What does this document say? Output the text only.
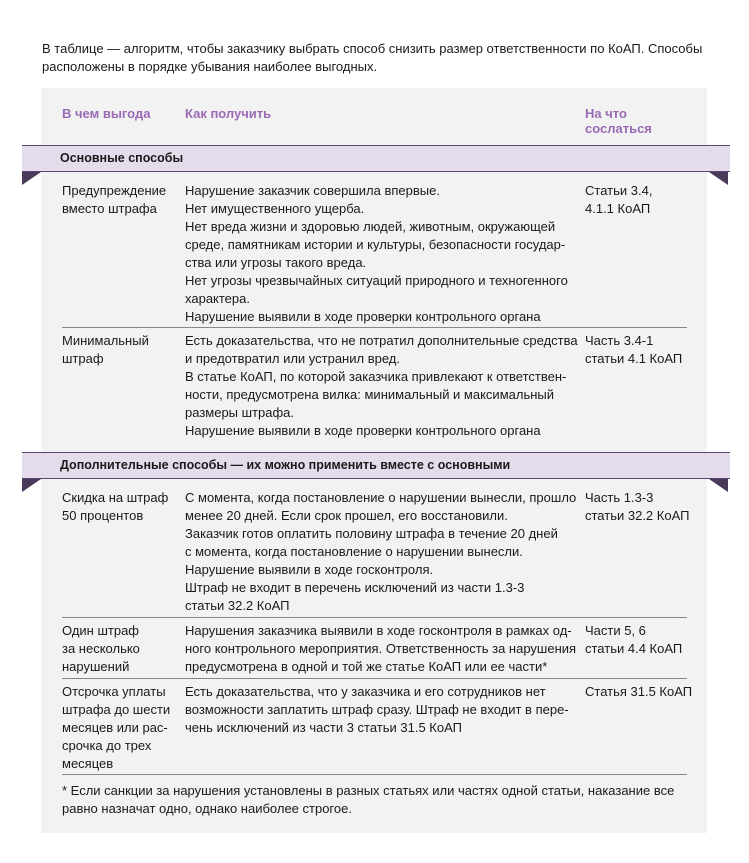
В таблице — алгоритм, чтобы заказчику выбрать способ снизить размер ответственности по КоАП. Способы расположены в порядке убывания наиболее выгодных.
В чем выгода	Как получить	На что
сослаться
Основные способы
Предупреждение
вместо штрафа
Нарушение заказчик совершила впервые.
Нет имущественного ущерба.
Нет вреда жизни и здоровью людей, животным, окружающей
среде, памятникам истории и культуры, безопасности государ-
ства или угрозы такого вреда.
Нет угрозы чрезвычайных ситуаций природного и техногенного
характера.
Нарушение выявили в ходе проверки контрольного органа
Статьи 3.4,
4.1.1 КоАП
Минимальный
штраф
Есть доказательства, что не потратил дополнительные средства
и предотвратил или устранил вред.
В статье КоАП, по которой заказчика привлекают к ответствен-
ности, предусмотрена вилка: минимальный и максимальный
размеры штрафа.
Нарушение выявили в ходе проверки контрольного органа
Часть 3.4-1
статьи 4.1 КоАП
Дополнительные способы — их можно применить вместе с основными
Скидка на штраф
50 процентов
С момента, когда постановление о нарушении вынесли, прошло
менее 20 дней. Если срок прошел, его восстановили.
Заказчик готов оплатить половину штрафа в течение 20 дней
с момента, когда постановление о нарушении вынесли.
Нарушение выявили в ходе госконтроля.
Штраф не входит в перечень исключений из части 1.3-3
статьи 32.2 КоАП
Часть 1.3-3
статьи 32.2 КоАП
Один штраф
за несколько
нарушений
Нарушения заказчика выявили в ходе госконтроля в рамках од-
ного контрольного мероприятия. Ответственность за нарушения
предусмотрена в одной и той же статье КоАП или ее части*
Части 5, 6
статьи 4.4 КоАП
Отсрочка уплаты
штрафа до шести
месяцев или рас-
срочка до трех
месяцев
Есть доказательства, что у заказчика и его сотрудников нет
возможности заплатить штраф сразу. Штраф не входит в пере-
чень исключений из части 3 статьи 31.5 КоАП
Статья 31.5 КоАП
* Если санкции за нарушения установлены в разных статьях или частях одной статьи, наказание все равно назначат одно, однако наиболее строгое.
